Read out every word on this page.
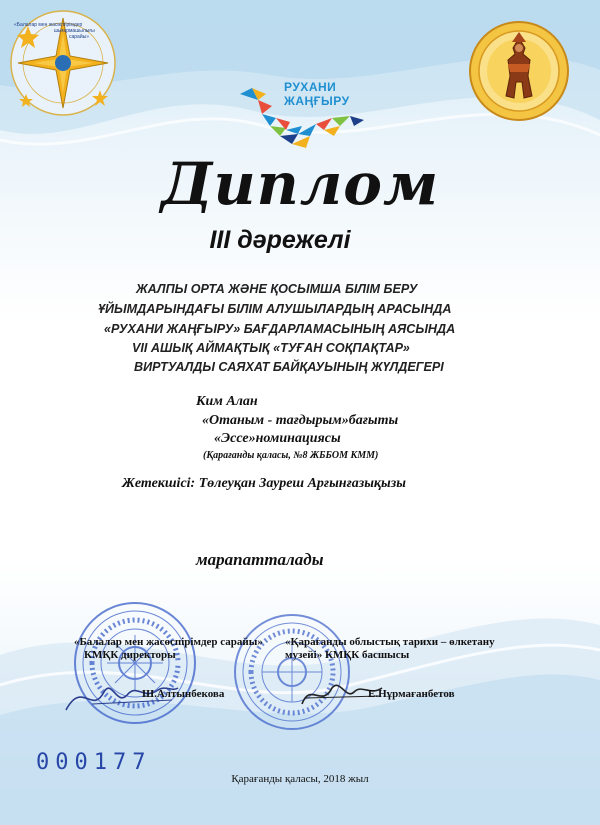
«Балалар мен жасөспірімдер
шығармашылығы
сарайы»
РУХАНИ
ЖАҢҒЫРУ
Диплом
III дәрежелі
ЖАЛПЫ ОРТА ЖӘНЕ ҚОСЫМША БІЛІМ БЕРУ
ҰЙЫМДАРЫНДАҒЫ БІЛІМ АЛУШЫЛАРДЫҢ АРАСЫНДА
«РУХАНИ ЖАҢҒЫРУ» БАҒДАРЛАМАСЫНЫҢ АЯСЫНДА
VII АШЫҚ АЙМАҚТЫҚ «ТУҒАН СОҚПАҚТАР»
ВИРТУАЛДЫ САЯХАТ БАЙҚАУЫНЫҢ ЖҮЛДЕГЕРІ
Ким Алан
«Отаным - тағдырым»бағыты
«Эссе»номинациясы
(Қарағанды қаласы, №8 ЖББОМ КММ)
Жетекшісі: Төлеуқан Зауреш Арғынғазықызы
марапатталады
«Балалар мен жасөспірімдер сарайы»
КМҚК директоры
«Қарағанды облыстық тарихи – өлкетану
музейі» КМҚК басшысы
Ш.Алтынбекова	Е.Нұрмағанбетов
000177
Қарағанды қаласы, 2018 жыл
